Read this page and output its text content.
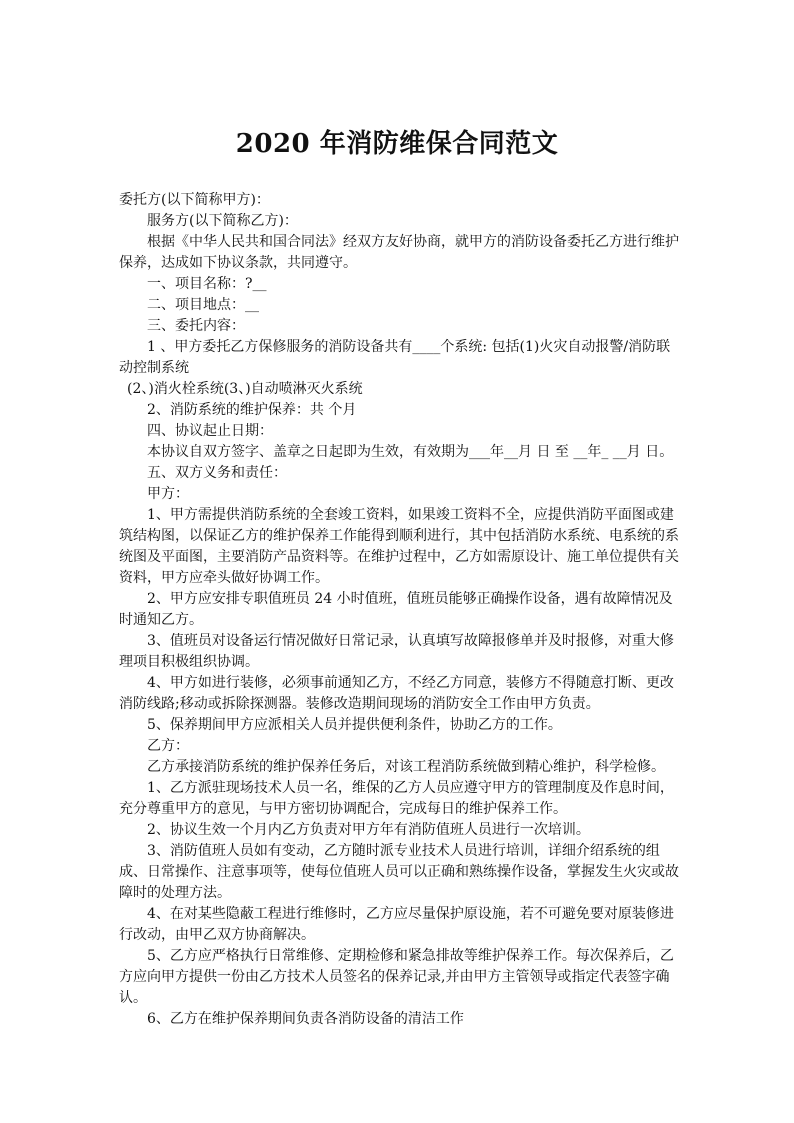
2020 年消防维保合同范文

委托方(以下简称甲方)：

服务方(以下简称乙方)：

根据《中华人民共和国合同法》经双方友好协商，就甲方的消防设备委托乙方进行维护保养，达成如下协议条款，共同遵守。

一、项目名称：?__

二、项目地点：__

三、委托内容：

1 、甲方委托乙方保修服务的消防设备共有____个系统: 包括(1)火灾自动报警/消防联动控制系统

(2、)消火栓系统(3、)自动喷淋灭火系统

2、消防系统的维护保养：共 个月

四、协议起止日期：

本协议自双方签字、盖章之日起即为生效，有效期为___年__月 日 至 __年_ __月 日。

五、双方义务和责任：

甲方：

1、甲方需提供消防系统的全套竣工资料，如果竣工资料不全，应提供消防平面图或建筑结构图，以保证乙方的维护保养工作能得到顺利进行，其中包括消防水系统、电系统的系统图及平面图，主要消防产品资料等。在维护过程中，乙方如需原设计、施工单位提供有关资料，甲方应牵头做好协调工作。

2、甲方应安排专职值班员 24 小时值班，值班员能够正确操作设备，遇有故障情况及时通知乙方。

3、值班员对设备运行情况做好日常记录，认真填写故障报修单并及时报修，对重大修理项目积极组织协调。

4、甲方如进行装修，必须事前通知乙方，不经乙方同意，装修方不得随意打断、更改消防线路;移动或拆除探测器。装修改造期间现场的消防安全工作由甲方负责。

5、保养期间甲方应派相关人员并提供便利条件，协助乙方的工作。

乙方：

乙方承接消防系统的维护保养任务后，对该工程消防系统做到精心维护，科学检修。

1、乙方派驻现场技术人员一名，维保的乙方人员应遵守甲方的管理制度及作息时间，充分尊重甲方的意见，与甲方密切协调配合，完成每日的维护保养工作。

2、协议生效一个月内乙方负责对甲方年有消防值班人员进行一次培训。

3、消防值班人员如有变动，乙方随时派专业技术人员进行培训，详细介绍系统的组成、日常操作、注意事项等，使每位值班人员可以正确和熟练操作设备，掌握发生火灾或故障时的处理方法。

4、在对某些隐蔽工程进行维修时，乙方应尽量保护原设施，若不可避免要对原装修进行改动，由甲乙双方协商解决。

5、乙方应严格执行日常维修、定期检修和紧急排故等维护保养工作。每次保养后，乙方应向甲方提供一份由乙方技术人员签名的保养记录,并由甲方主管领导或指定代表签字确认。

6、乙方在维护保养期间负责各消防设备的清洁工作
